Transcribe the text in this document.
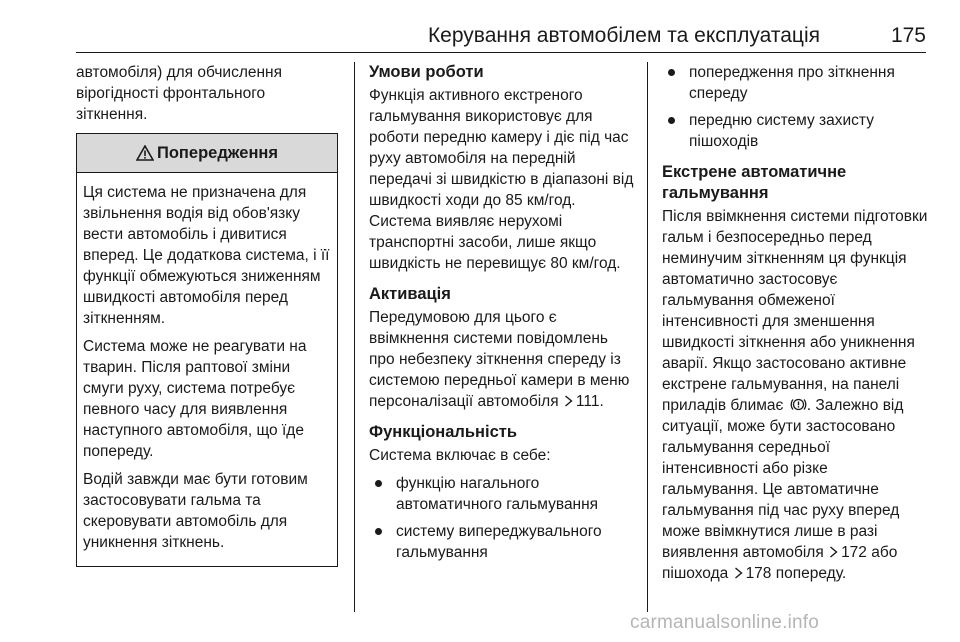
Керування автомобілем та експлуатація	175

автомобіля) для обчислення вірогідності фронтального зіткнення.

Попередження

Ця система не призначена для звільнення водія від обов'язку вести автомобіль і дивитися вперед. Це додаткова система, і її функції обмежуються зниженням швидкості автомобіля перед зіткненням.

Система може не реагувати на тварин. Після раптової зміни смуги руху, система потребує певного часу для виявлення наступного автомобіля, що їде попереду.

Водій завжди має бути готовим застосовувати гальма та скеровувати автомобіль для уникнення зіткнень.

Умови роботи

Функція активного екстреного гальмування використовує для роботи передню камеру і діє під час руху автомобіля на передній передачі зі швидкістю в діапазоні від швидкості ходи до 85 км/год. Система виявляє нерухомі транспортні засоби, лише якщо швидкість не перевищує 80 км/год.

Активація

Передумовою для цього є ввімкнення системи повідомлень про небезпеку зіткнення спереду із системою передньої камери в меню персоналізації автомобіля 111.

Функціональність

Система включає в себе:

функцію нагального автоматичного гальмування
систему випереджувального гальмування
попередження про зіткнення спереду
передню систему захисту пішоходів
Екстрене автоматичне гальмування

Після ввімкнення системи підготовки гальм і безпосередньо перед неминучим зіткненням ця функція автоматично застосовує гальмування обмеженої інтенсивності для зменшення швидкості зіткнення або уникнення аварії. Якщо застосовано активне екстрене гальмування, на панелі приладів блимає . Залежно від ситуації, може бути застосовано гальмування середньої інтенсивності або різке гальмування. Це автоматичне гальмування під час руху вперед може ввімкнутися лише в разі виявлення автомобіля 172 або пішохода 178 попереду.

carmanualsonline.info
